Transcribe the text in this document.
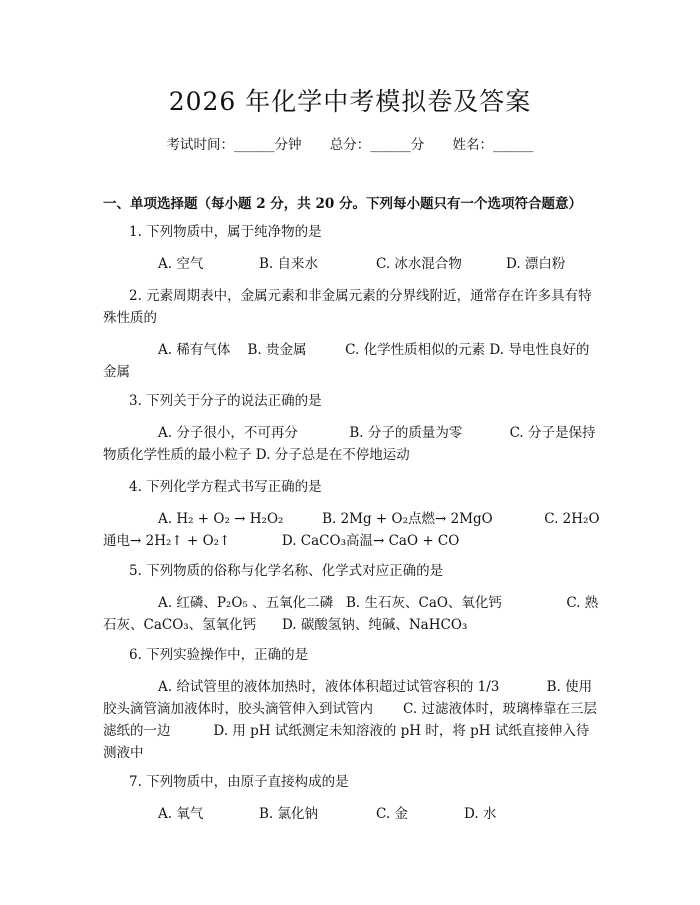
2026 年化学中考模拟卷及答案
考试时间：______分钟 总分：______分 姓名：______
一、单项选择题（每小题 2 分，共 20 分。下列每小题只有一个选项符合题意）
1. 下列物质中，属于纯净物的是
A. 空气	B. 自来水	C. 冰水混合物	D. 漂白粉
2. 元素周期表中，金属元素和非金属元素的分界线附近，通常存在许多具有特殊性质的
A. 稀有气体 B. 贵金属	C. 化学性质相似的元素 D. 导电性良好的金属
3. 下列关于分子的说法正确的是
A. 分子很小，不可再分	B. 分子的质量为零	C. 分子是保持物质化学性质的最小粒子 D. 分子总是在不停地运动
4. 下列化学方程式书写正确的是
A. H₂ + O₂ → H₂O₂	B. 2Mg + O₂点燃→ 2MgO	C. 2H₂O 通电→ 2H₂↑ + O₂↑	D. CaCO₃高温→ CaO + CO
5. 下列物质的俗称与化学名称、化学式对应正确的是
A. 红磷、P₂O₅ 、五氧化二磷 B. 生石灰、CaO、氧化钙	C. 熟石灰、CaCO₃、氢氧化钙 D. 碳酸氢钠、纯碱、NaHCO₃
6. 下列实验操作中，正确的是
A. 给试管里的液体加热时，液体体积超过试管容积的 1/3	B. 使用胶头滴管滴加液体时，胶头滴管伸入到试管内 C. 过滤液体时，玻璃棒靠在三层滤纸的一边	D. 用 pH 试纸测定未知溶液的 pH 时，将 pH 试纸直接伸入待测液中
7. 下列物质中，由原子直接构成的是
A. 氧气	B. 氯化钠	C. 金	D. 水
